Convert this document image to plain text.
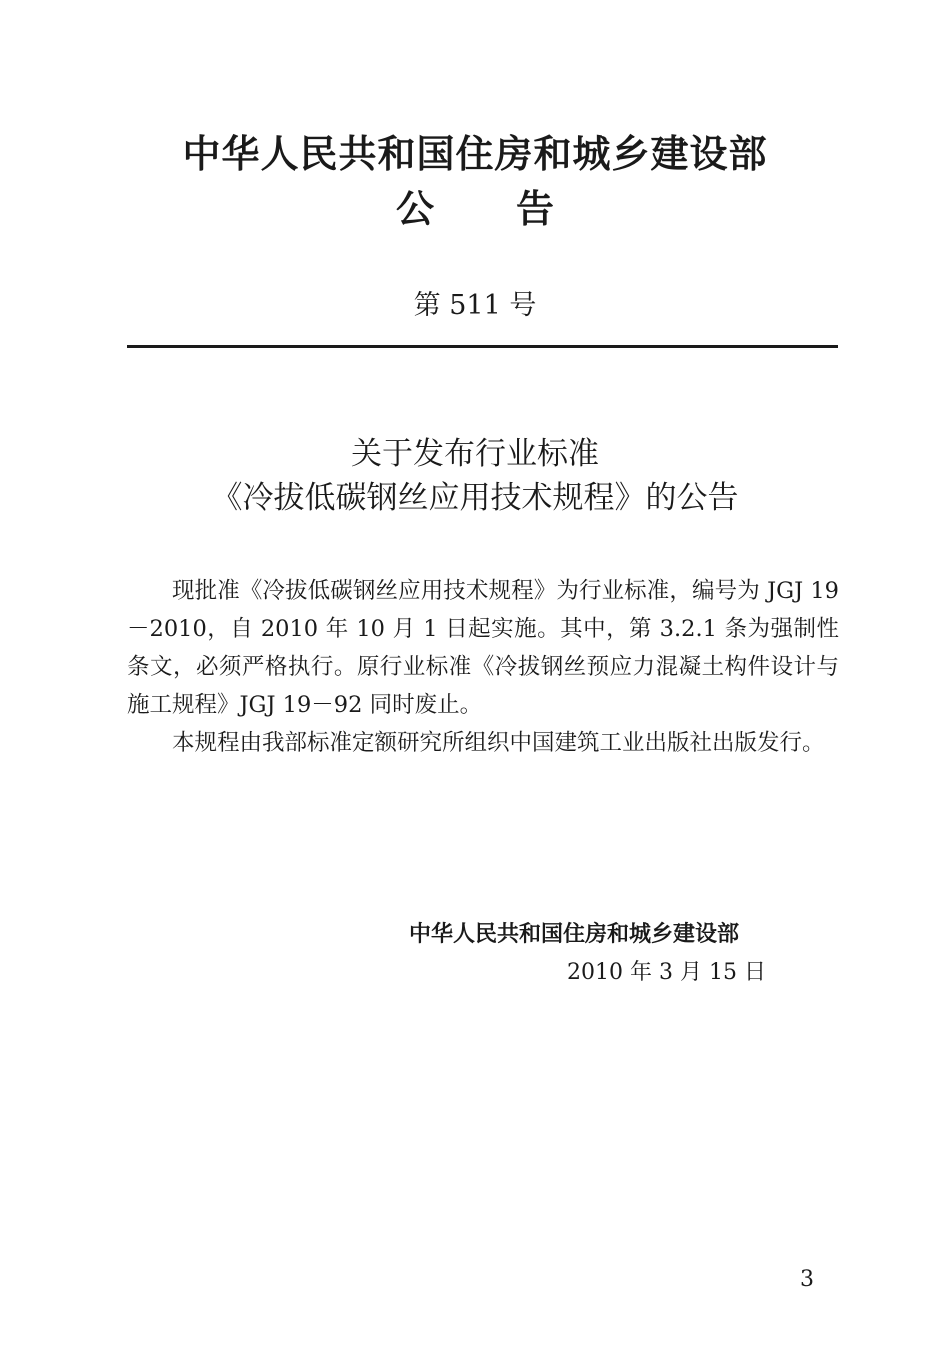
中华人民共和国住房和城乡建设部
公 告
第 511 号
关于发布行业标准
《冷拔低碳钢丝应用技术规程》的公告

现批准《冷拔低碳钢丝应用技术规程》为行业标准，编号为 JGJ 19－2010，自 2010 年 10 月 1 日起实施。其中，第 3.2.1 条为强制性条文，必须严格执行。原行业标准《冷拔钢丝预应力混凝土构件设计与施工规程》JGJ 19－92 同时废止。

本规程由我部标准定额研究所组织中国建筑工业出版社出版发行。

中华人民共和国住房和城乡建设部
2010 年 3 月 15 日
3
